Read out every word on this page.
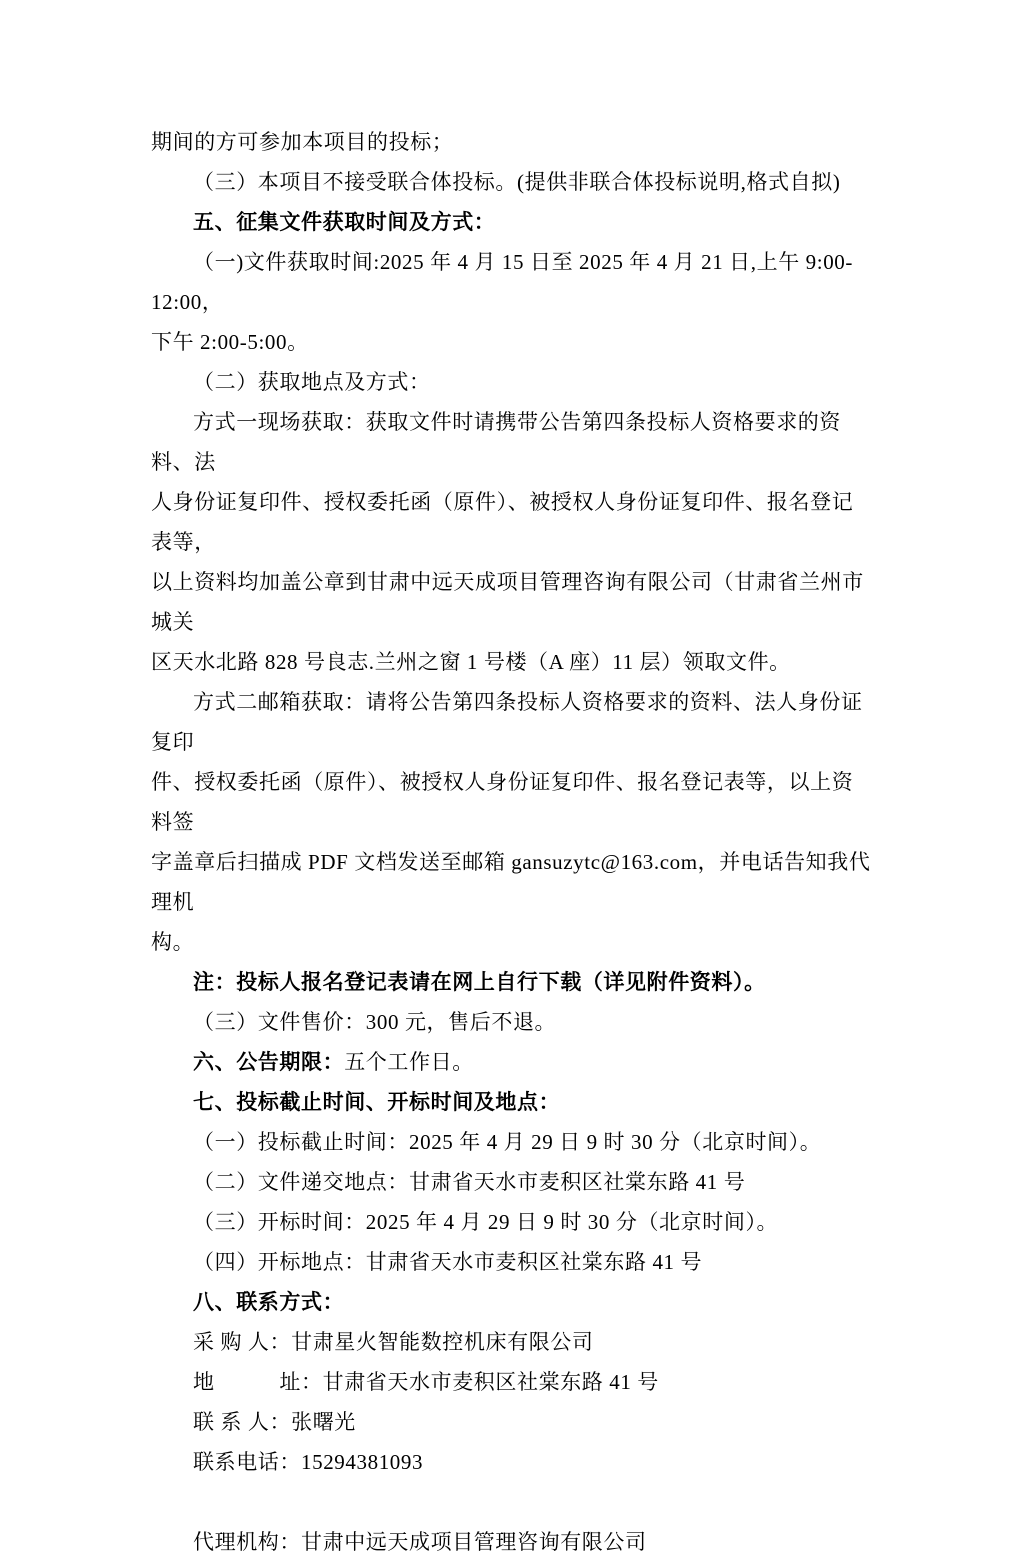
期间的方可参加本项目的投标；

（三）本项目不接受联合体投标。(提供非联合体投标说明,格式自拟)

五、征集文件获取时间及方式：

（一)文件获取时间:2025 年 4 月 15 日至 2025 年 4 月 21 日,上午 9:00-12:00，

下午 2:00-5:00。

（二）获取地点及方式：

方式一现场获取：获取文件时请携带公告第四条投标人资格要求的资料、法

人身份证复印件、授权委托函（原件）、被授权人身份证复印件、报名登记表等，

以上资料均加盖公章到甘肃中远天成项目管理咨询有限公司（甘肃省兰州市城关

区天水北路 828 号良志.兰州之窗 1 号楼（A 座）11 层）领取文件。

方式二邮箱获取：请将公告第四条投标人资格要求的资料、法人身份证复印

件、授权委托函（原件）、被授权人身份证复印件、报名登记表等，以上资料签

字盖章后扫描成 PDF 文档发送至邮箱 gansuzytc@163.com，并电话告知我代理机

构。

注：投标人报名登记表请在网上自行下载（详见附件资料）。

（三）文件售价：300 元，售后不退。

六、公告期限：五个工作日。

七、投标截止时间、开标时间及地点：

（一）投标截止时间：2025 年 4 月 29 日 9 时 30 分（北京时间）。

（二）文件递交地点：甘肃省天水市麦积区社棠东路 41 号

（三）开标时间：2025 年 4 月 29 日 9 时 30 分（北京时间）。

（四）开标地点：甘肃省天水市麦积区社棠东路 41 号

八、联系方式：

采 购 人：甘肃星火智能数控机床有限公司

地　　　址：甘肃省天水市麦积区社棠东路 41 号

联 系 人：张曙光

联系电话：15294381093

代理机构：甘肃中远天成项目管理咨询有限公司
